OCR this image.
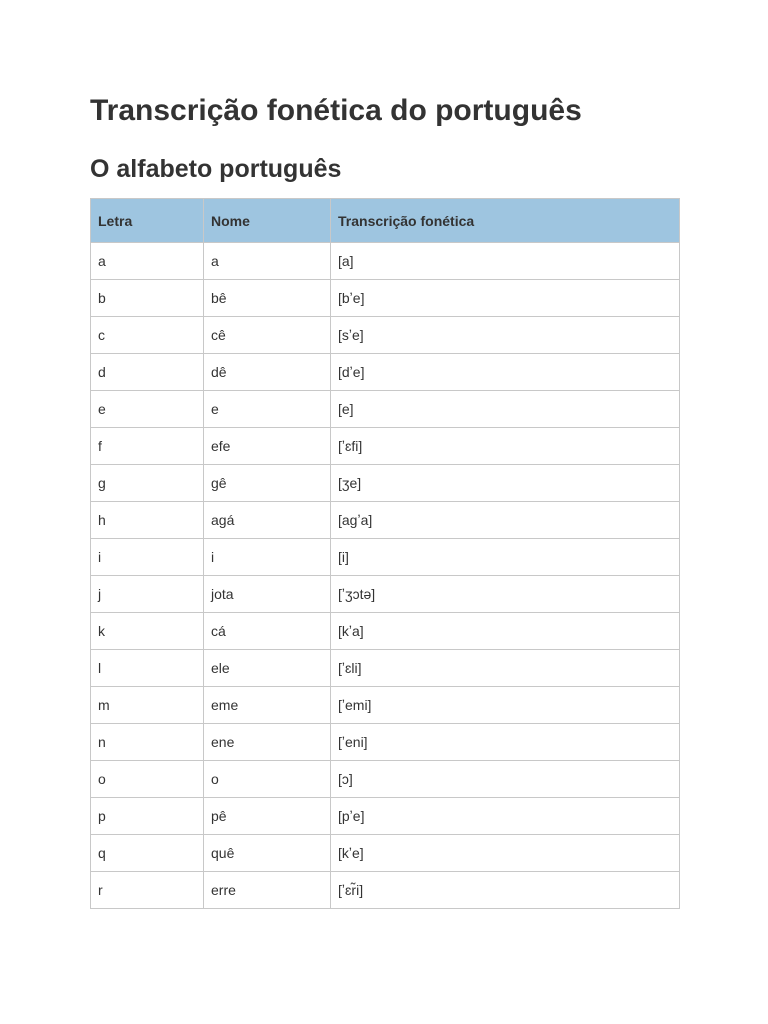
Transcrição fonética do português
O alfabeto português
Letra	Nome	Transcrição fonética
a	a	[a]
b	bê	[bʼe]
c	cê	[sʼe]
d	dê	[dʼe]
e	e	[e]
f	efe	[ʼɛfi]
g	gê	[ʒe]
h	agá	[agʼa]
i	i	[i]
j	jota	[ʼʒɔtə]
k	cá	[kʼa]
l	ele	[ʼɛli]
m	eme	[ʼemi]
n	ene	[ʼeni]
o	o	[ɔ]
p	pê	[pʼe]
q	quê	[kʼe]
r	erre	[ʼɛr̃i]
